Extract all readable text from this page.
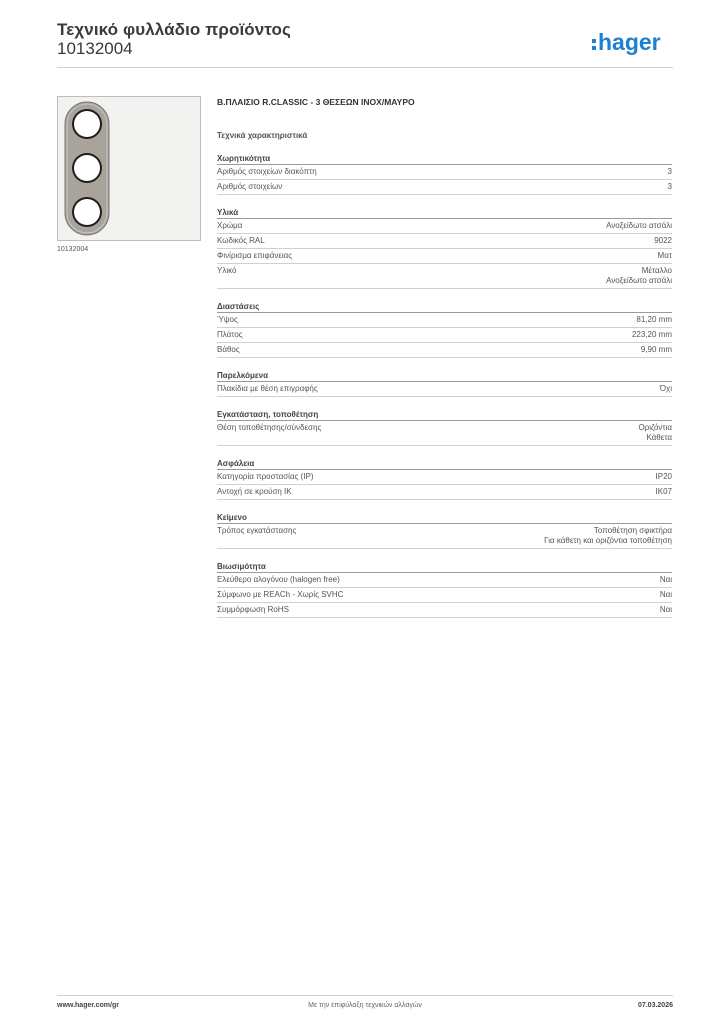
Τεχνικό φυλλάδιο προϊόντος
10132004	hager
10132004
Β.ΠΛΑΙΣΙΟ R.CLASSIC - 3 ΘΕΣΕΩΝ INOX/ΜΑΥΡΟ
Τεχνικά χαρακτηριστικά
Χωρητικότητα
Αριθμός στοιχείων διακόπτη	3
Αριθμός στοιχείων	3
Υλικά
Χρώμα	Ανοξείδωτο ατσάλι
Κωδικός RAL	9022
Φινίρισμα επιφάνειας	Ματ
Υλικό	Μέταλλο
Ανοξείδωτο ατσάλι
Διαστάσεις
Ύψος	81,20 mm
Πλάτος	223,20 mm
Βάθος	9,90 mm
Παρελκόμενα
Πλακίδια με θέση επιγραφής	Όχι
Εγκατάσταση, τοποθέτηση
Θέση τοποθέτησης/σύνδεσης	Οριζόντια
Κάθετα
Ασφάλεια
Κατηγορία προστασίας (IP)	IP20
Αντοχή σε κρούση IK	IK07
Κείμενο
Τρόπος εγκατάστασης	Τοποθέτηση σφικτήρα
Για κάθετη και οριζόντια τοποθέτηση
Βιωσιμότητα
Ελεύθερο αλογόνου (halogen free)	Ναι
Σύμφωνο με REACh - Χωρίς SVHC	Ναι
Συμμόρφωση RoHS	Ναι
www.hager.com/gr	Με την επιφύλαξη τεχνικών αλλαγών	07.03.2026
